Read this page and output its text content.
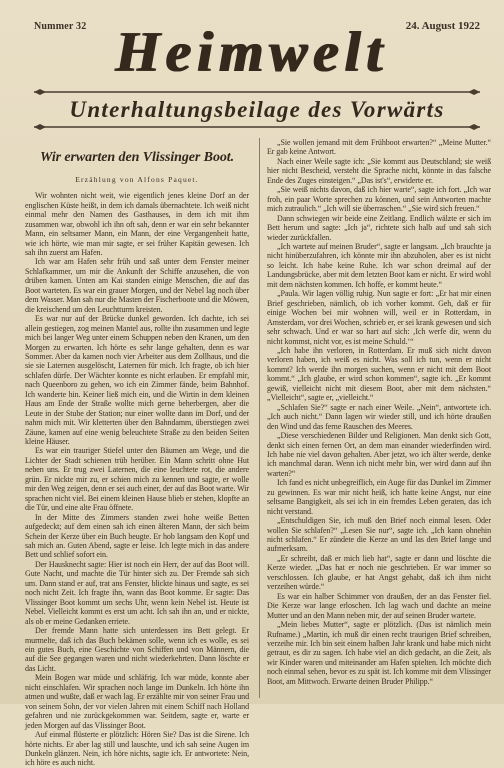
Nummer 32	24. August 1922
Heimwelt
Unterhaltungsbeilage des Vorwärts
Wir erwarten den Vlissinger Boot.
Erzählung von Alfons Paquet.

Wir wohnten nicht weit, wie eigentlich jenes kleine Dorf an der englischen Küste heißt, in dem ich damals übernachtete. Ich weiß nicht einmal mehr den Namen des Gasthauses, in dem ich mit ihm zusammen war, obwohl ich ihn oft sah, denn er war ein sehr bekannter Mann, ein seltsamer Mann, ein Mann, der eine Vergangenheit hatte, wie ich hörte, wie man mir sagte, er sei früher Kapitän gewesen. Ich sah ihn zuerst am Hafen.

Ich war am Hafen sehr früh und saß unter dem Fenster meiner Schlafkammer, um mir die Ankunft der Schiffe anzusehen, die von drüben kamen. Unten am Kai standen einige Menschen, die auf das Boot warteten. Es war ein grauer Morgen, und der Nebel lag noch über dem Wasser. Man sah nur die Masten der Fischerboote und die Möwen, die kreischend um den Leuchtturm kreisten.

Es war nur auf der Brücke dunkel geworden. Ich dachte, ich sei allein gestiegen, zog meinen Mantel aus, rollte ihn zusammen und legte mich bei langer Weg unter einem Schuppen neben den Kranen, um den Morgen zu erwarten. Ich hörte es sehr lange gehalten, denn es war Sommer. Aber da kamen noch vier Arbeiter aus dem Zollhaus, und die sie sie Laternen ausgelöscht, Laternen für mich. Ich fragte, ob ich hier schlafen dürfe. Der Wächter konnte es nicht erlauben. Er empfahl mir, nach Queenboro zu gehen, wo ich ein Zimmer fände, beim Bahnhof. Ich wanderte hin. Keiner ließ mich ein, und die Wirtin in dem kleinen Haus am Ende der Straße wollte mich gerne beherbergen, aber die Leute in der Stube der Station; nur einer wollte dann im Dorf, und der nahm mich mit. Wir kletterten über den Bahndamm, überstiegen zwei Zäune, kamen auf eine wenig beleuchtete Straße zu den beiden Seiten kleine Häuser.

Es war ein trauriger Stiefel unter den Bäumen am Wege, und die Lichter der Stadt schienen trüb herüber. Ein Mann schritt ohne Hut neben uns. Er trug zwei Laternen, die eine leuchtete rot, die andere grün. Er nickte mir zu, er schien mich zu kennen und sagte, er wolle mir den Weg zeigen, denn er sei auch einer, der auf das Boot warte. Wir sprachen nicht viel. Bei einem kleinen Hause blieb er stehen, klopfte an die Tür, und eine alte Frau öffnete.

In der Mitte des Zimmers standen zwei hohe weiße Betten aufgedeckt; auf dem einen sah ich einen älteren Mann, der sich beim Schein der Kerze über ein Buch beugte. Er hob langsam den Kopf und sah mich an. Guten Abend, sagte er leise. Ich legte mich in das andere Bett und schlief sofort ein.

Der Hausknecht sagte: Hier ist noch ein Herr, der auf das Boot will. Gute Nacht, und machte die Tür hinter sich zu. Der Fremde sah sich um. Dann stand er auf, trat ans Fenster, blickte hinaus und sagte, es sei noch nicht Zeit. Ich fragte ihn, wann das Boot komme. Er sagte: Das Vlissinger Boot kommt um sechs Uhr, wenn kein Nebel ist. Heute ist Nebel. Vielleicht kommt es erst um acht. Ich sah ihn an, und er nickte, als ob er meine Gedanken erriete.

Der fremde Mann hatte sich unterdessen ins Bett gelegt. Er murmelte, daß ich das Buch bekämen solle, wenn ich es wolle, es sei ein gutes Buch, eine Geschichte von Schiffen und von Männern, die auf die See gegangen waren und nicht wiederkehrten. Dann löschte er das Licht.

Mein Bogen war müde und schläfrig. Ich war müde, konnte aber nicht einschlafen. Wir sprachen noch lange im Dunkeln. Ich hörte ihn atmen und wußte, daß er wach lag. Er erzählte mir von seiner Frau und von seinem Sohn, der vor vielen Jahren mit einem Schiff nach Holland gefahren und nie zurückgekommen war. Seitdem, sagte er, warte er jeden Morgen auf das Vlissinger Boot.

Auf einmal flüsterte er plötzlich: Hören Sie? Das ist die Sirene. Ich hörte nichts. Er aber lag still und lauschte, und ich sah seine Augen im Dunkeln glänzen. Nein, ich höre nichts, sagte ich. Er antwortete: Nein, ich höre es auch nicht.

„Sie wollen jemand mit dem Frühboot erwarten?“ „Meine Mutter.“ Er gab keine Antwort.

Nach einer Weile sagte ich: „Sie kommt aus Deutschland; sie weiß hier nicht Bescheid, versteht die Sprache nicht, könnte in das falsche Ende des Zuges einsteigen.“ „Das ist's“, erwiderte er.

„Sie weiß nichts davon, daß ich hier warte“, sagte ich fort. „Ich war froh, ein paar Worte sprechen zu können, und sein Antworten machte mich zutraulich.“ „Ich will sie überraschen.“ „Sie wird sich freuen.“

Dann schwiegen wir beide eine Zeitlang. Endlich wälzte er sich im Bett herum und sagte: „Ich ja“, richtete sich halb auf und sah sich wieder zurückfallen.

„Ich wartete auf meinen Bruder“, sagte er langsam. „Ich brauchte ja nicht hinüberzufahren, ich könnte mir ihn abzuholen, aber es ist nicht so leicht. Ich habe keine Ruhe. Ich war schon dreimal auf der Landungsbrücke, aber mit dem letzten Boot kam er nicht. Er wird wohl mit dem nächsten kommen. Ich hoffe, er kommt heute.“

„Paula. Wir lagen völlig ruhig. Nun sagte er fort: „Er hat mir einen Brief geschrieben, nämlich, ob ich vorher kommt. Geh, daß er für einige Wochen bei mir wohnen will, weil er in Rotterdam, in Amsterdam, vor drei Wochen, schrieb er, er sei krank gewesen und sich sehr schwach. Und er war so hart auf sich: ‚Ich werfe dir, wenn du nicht kommst, nicht vor, es ist meine Schuld.‘“

„Ich habe ihn verloren, in Rotterdam. Er muß sich nicht davon verloren haben, ich weiß es nicht. Was soll ich tun, wenn er nicht kommt? Ich werde ihn morgen suchen, wenn er nicht mit dem Boot kommt.“ „Ich glaube, er wird schon kommen“, sagte ich. „Er kommt gewiß, vielleicht nicht mit diesem Boot, aber mit dem nächsten.“ „Vielleicht“, sagte er, „vielleicht.“

„Schlafen Sie?“ sagte er nach einer Weile. „Nein“, antwortete ich. „Ich auch nicht.“ Dann lagen wir wieder still, und ich hörte draußen den Wind und das ferne Rauschen des Meeres.

„Diese verschiedenen Bilder und Religionen. Man denkt sich Gott, denkt sich einen fernen Ort, an dem man einander wiederfinden wird. Ich habe nie viel davon gehalten. Aber jetzt, wo ich älter werde, denke ich manchmal daran. Wenn ich nicht mehr bin, wer wird dann auf ihn warten?“

Ich fand es nicht unbegreiflich, ein Auge für das Dunkel im Zimmer zu gewinnen. Es war mir nicht heiß, ich hatte keine Angst, nur eine seltsame Bangigkeit, als sei ich in ein fremdes Leben geraten, das ich nicht verstand.

„Entschuldigen Sie, ich muß den Brief noch einmal lesen. Oder wollen Sie schlafen?“ „Lesen Sie nur“, sagte ich. „Ich kann ohnehin nicht schlafen.“ Er zündete die Kerze an und las den Brief lange und aufmerksam.

„Er schreibt, daß er mich lieb hat“, sagte er dann und löschte die Kerze wieder. „Das hat er noch nie geschrieben. Er war immer so verschlossen. Ich glaube, er hat Angst gehabt, daß ich ihm nicht verzeihen würde.“

Es war ein halber Schimmer von draußen, der an das Fenster fiel. Die Kerze war lange erloschen. Ich lag wach und dachte an meine Mutter und an den Mann neben mir, der auf seinen Bruder wartete.

„Mein liebes Mutter“, sagte er plötzlich. (Das ist nämlich mein Rufname.) „Martin, ich muß dir einen recht traurigen Brief schreiben, verzeihe mir. Ich bin seit einem halben Jahr krank und habe mich nicht getraut, es dir zu sagen. Ich habe viel an dich gedacht, an die Zeit, als wir Kinder waren und miteinander am Hafen spielten. Ich möchte dich noch einmal sehen, bevor es zu spät ist. Ich komme mit dem Vlissinger Boot, am Mittwoch. Erwarte deinen Bruder Philipp.“
